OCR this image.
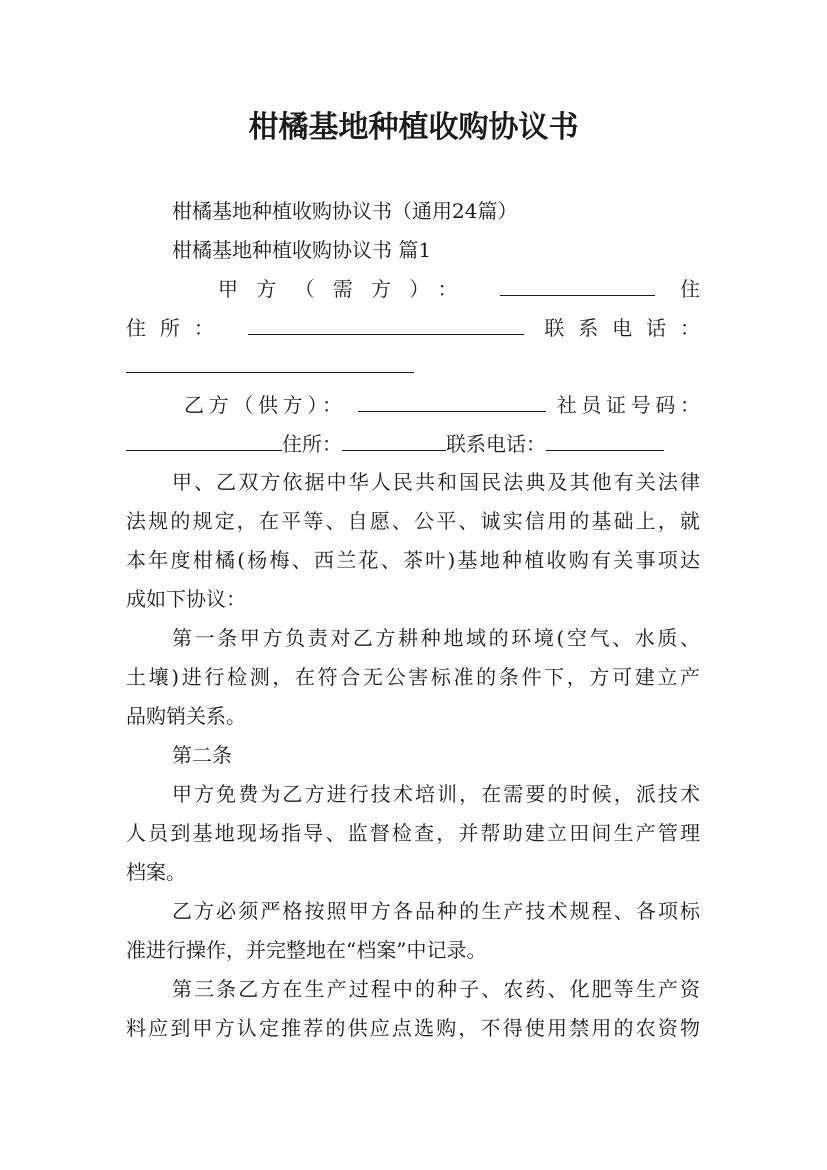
柑橘基地种植收购协议书
柑橘基地种植收购协议书（通用24篇）
柑橘基地种植收购协议书 篇1
甲方（需方）：	住
住所：	联系电话：
乙方（供方）：	社员证号码：
住所：	联系电话：
甲、乙双方依据中华人民共和国民法典及其他有关法律
法规的规定，在平等、自愿、公平、诚实信用的基础上，就
本年度柑橘(杨梅、西兰花、茶叶)基地种植收购有关事项达
成如下协议：
第一条甲方负责对乙方耕种地域的环境(空气、水质、
土壤)进行检测，在符合无公害标准的条件下，方可建立产
品购销关系。
第二条
甲方免费为乙方进行技术培训，在需要的时候，派技术
人员到基地现场指导、监督检查，并帮助建立田间生产管理
档案。
乙方必须严格按照甲方各品种的生产技术规程、各项标
准进行操作，并完整地在“档案”中记录。
第三条乙方在生产过程中的种子、农药、化肥等生产资
料应到甲方认定推荐的供应点选购，不得使用禁用的农资物
